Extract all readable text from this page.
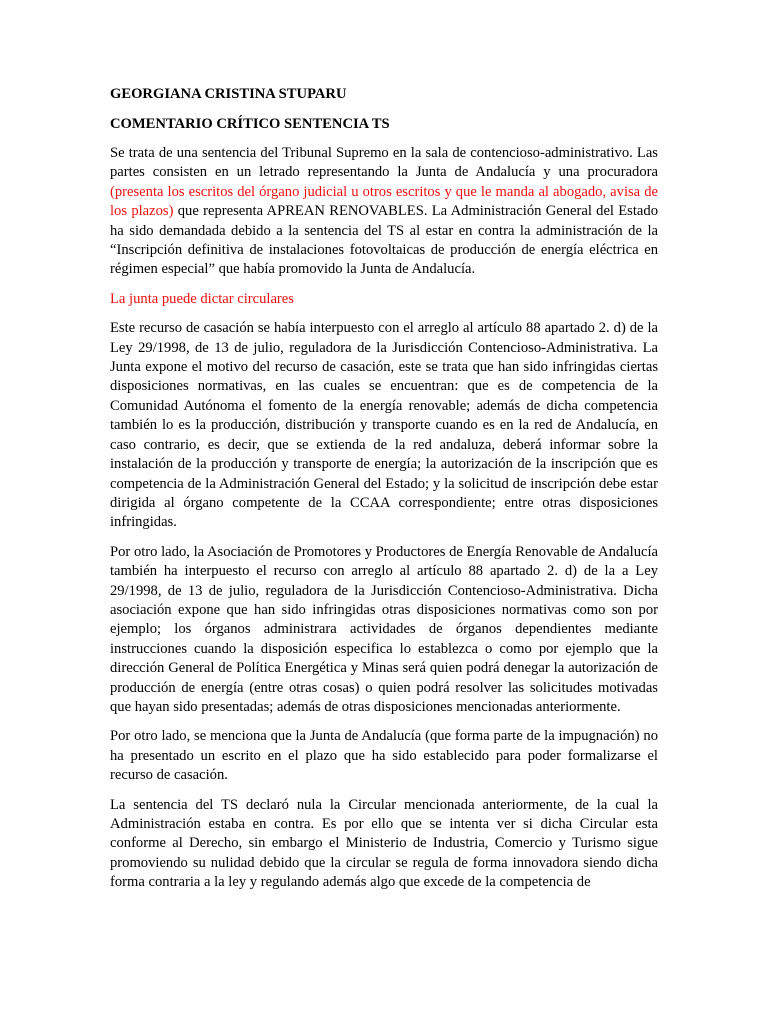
GEORGIANA CRISTINA STUPARU

COMENTARIO CRÍTICO SENTENCIA TS

Se trata de una sentencia del Tribunal Supremo en la sala de contencioso-administrativo. Las partes consisten en un letrado representando la Junta de Andalucía y una procuradora (presenta los escritos del órgano judicial u otros escritos y que le manda al abogado, avisa de los plazos) que representa APREAN RENOVABLES. La Administración General del Estado ha sido demandada debido a la sentencia del TS al estar en contra la administración de la “Inscripción definitiva de instalaciones fotovoltaicas de producción de energía eléctrica en régimen especial” que había promovido la Junta de Andalucía.

La junta puede dictar circulares

Este recurso de casación se había interpuesto con el arreglo al artículo 88 apartado 2. d) de la Ley 29/1998, de 13 de julio, reguladora de la Jurisdicción Contencioso-Administrativa. La Junta expone el motivo del recurso de casación, este se trata que han sido infringidas ciertas disposiciones normativas, en las cuales se encuentran: que es de competencia de la Comunidad Autónoma el fomento de la energía renovable; además de dicha competencia también lo es la producción, distribución y transporte cuando es en la red de Andalucía, en caso contrario, es decir, que se extienda de la red andaluza, deberá informar sobre la instalación de la producción y transporte de energía; la autorización de la inscripción que es competencia de la Administración General del Estado; y la solicitud de inscripción debe estar dirigida al órgano competente de la CCAA correspondiente; entre otras disposiciones infringidas.

Por otro lado, la Asociación de Promotores y Productores de Energía Renovable de Andalucía también ha interpuesto el recurso con arreglo al artículo 88 apartado 2. d) de la a Ley 29/1998, de 13 de julio, reguladora de la Jurisdicción Contencioso-Administrativa. Dicha asociación expone que han sido infringidas otras disposiciones normativas como son por ejemplo; los órganos administrara actividades de órganos dependientes mediante instrucciones cuando la disposición especifica lo establezca o como por ejemplo que la dirección General de Política Energética y Minas será quien podrá denegar la autorización de producción de energía (entre otras cosas) o quien podrá resolver las solicitudes motivadas que hayan sido presentadas; además de otras disposiciones mencionadas anteriormente.

Por otro lado, se menciona que la Junta de Andalucía (que forma parte de la impugnación) no ha presentado un escrito en el plazo que ha sido establecido para poder formalizarse el recurso de casación.

La sentencia del TS declaró nula la Circular mencionada anteriormente, de la cual la Administración estaba en contra. Es por ello que se intenta ver si dicha Circular esta conforme al Derecho, sin embargo el Ministerio de Industria, Comercio y Turismo sigue promoviendo su nulidad debido que la circular se regula de forma innovadora siendo dicha forma contraria a la ley y regulando además algo que excede de la competencia de
